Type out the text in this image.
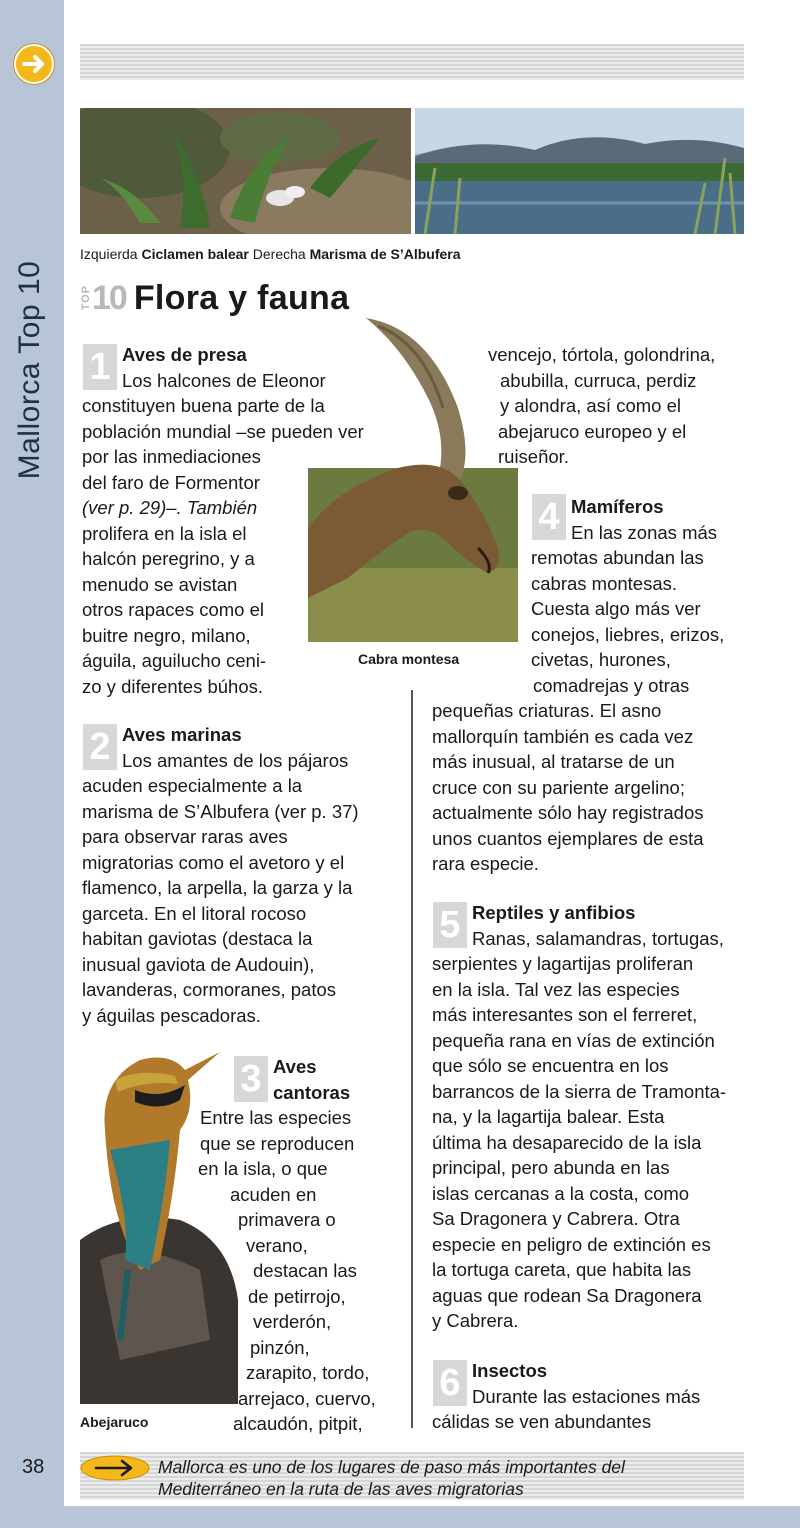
Mallorca Top 10
Izquierda Ciclamen balear Derecha Marisma de S’Albufera
TOP 10 Flora y fauna
Cabra montesa
Abejaruco
1 Aves de presa
Los halcones de Eleonor
constituyen buena parte de la
población mundial –se pueden ver
por las inmediaciones
del faro de Formentor
(ver p. 29)–. También
prolifera en la isla el
halcón peregrino, y a
menudo se avistan
otros rapaces como el
buitre negro, milano,
águila, aguilucho ceni-
zo y diferentes búhos.
vencejo, tórtola, golondrina,
abubilla, curruca, perdiz
y alondra, así como el
abejaruco europeo y el
ruiseñor.
4 Mamíferos
En las zonas más
remotas abundan las
cabras montesas.
Cuesta algo más ver
conejos, liebres, erizos,
civetas, hurones,
comadrejas y otras
pequeñas criaturas. El asno
mallorquín también es cada vez
más inusual, al tratarse de un
cruce con su pariente argelino;
actualmente sólo hay registrados
unos cuantos ejemplares de esta
rara especie.
2 Aves marinas
Los amantes de los pájaros
acuden especialmente a la
marisma de S’Albufera (ver p. 37)
para observar raras aves
migratorias como el avetoro y el
flamenco, la arpella, la garza y la
garceta. En el litoral rocoso
habitan gaviotas (destaca la
inusual gaviota de Audouin),
lavanderas, cormoranes, patos
y águilas pescadoras.
5 Reptiles y anfibios
Ranas, salamandras, tortugas,
serpientes y lagartijas proliferan
en la isla. Tal vez las especies
más interesantes son el ferreret,
pequeña rana en vías de extinción
que sólo se encuentra en los
barrancos de la sierra de Tramonta-
na, y la lagartija balear. Esta
última ha desaparecido de la isla
principal, pero abunda en las
islas cercanas a la costa, como
Sa Dragonera y Cabrera. Otra
especie en peligro de extinción es
la tortuga careta, que habita las
aguas que rodean Sa Dragonera
y Cabrera.
3 Aves
cantoras
Entre las especies
que se reproducen
en la isla, o que
acuden en
primavera o
verano,
destacan las
de petirrojo,
verderón,
pinzón,
zarapito, tordo,
arrejaco, cuervo,
alcaudón, pitpit,
6 Insectos
Durante las estaciones más
cálidas se ven abundantes
38	Mallorca es uno de los lugares de paso más importantes del
Mediterráneo en la ruta de las aves migratorias
